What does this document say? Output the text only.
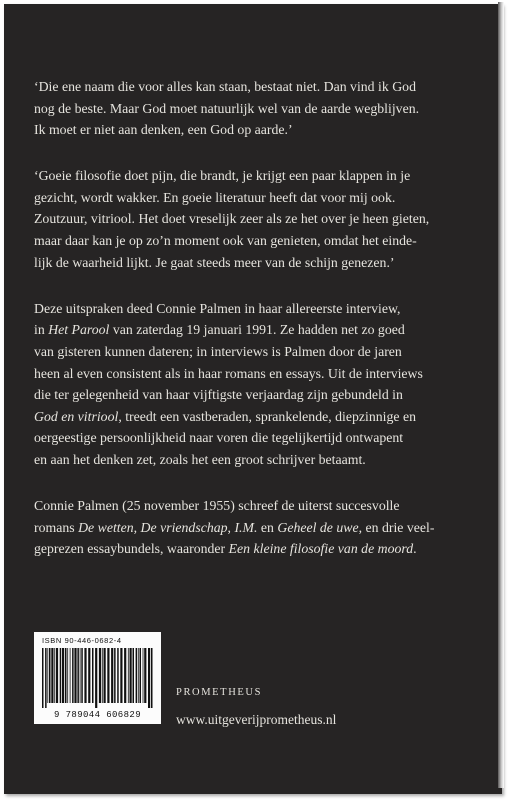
‘Die ene naam die voor alles kan staan, bestaat niet. Dan vind ik God
nog de beste. Maar God moet natuurlijk wel van de aarde wegblijven.
Ik moet er niet aan denken, een God op aarde.’

‘Goeie filosofie doet pijn, die brandt, je krijgt een paar klappen in je
gezicht, wordt wakker. En goeie literatuur heeft dat voor mij ook.
Zoutzuur, vitriool. Het doet vreselijk zeer als ze het over je heen gieten,
maar daar kan je op zo’n moment ook van genieten, omdat het einde-
lijk de waarheid lijkt. Je gaat steeds meer van de schijn genezen.’

Deze uitspraken deed Connie Palmen in haar allereerste interview,
in Het Parool van zaterdag 19 januari 1991. Ze hadden net zo goed
van gisteren kunnen dateren; in interviews is Palmen door de jaren
heen al even consistent als in haar romans en essays. Uit de interviews
die ter gelegenheid van haar vijftigste verjaardag zijn gebundeld in
God en vitriool, treedt een vastberaden, sprankelende, diepzinnige en
oergeestige persoonlijkheid naar voren die tegelijkertijd ontwapent
en aan het denken zet, zoals het een groot schrijver betaamt.

Connie Palmen (25 november 1955) schreef de uiterst succesvolle
romans De wetten, De vriendschap, I.M. en Geheel de uwe, en drie veel-
geprezen essaybundels, waaronder Een kleine filosofie van de moord.

ISBN 90-446-0682-4
9 789044 606829
PROMETHEUS
www.uitgeverijprometheus.nl
